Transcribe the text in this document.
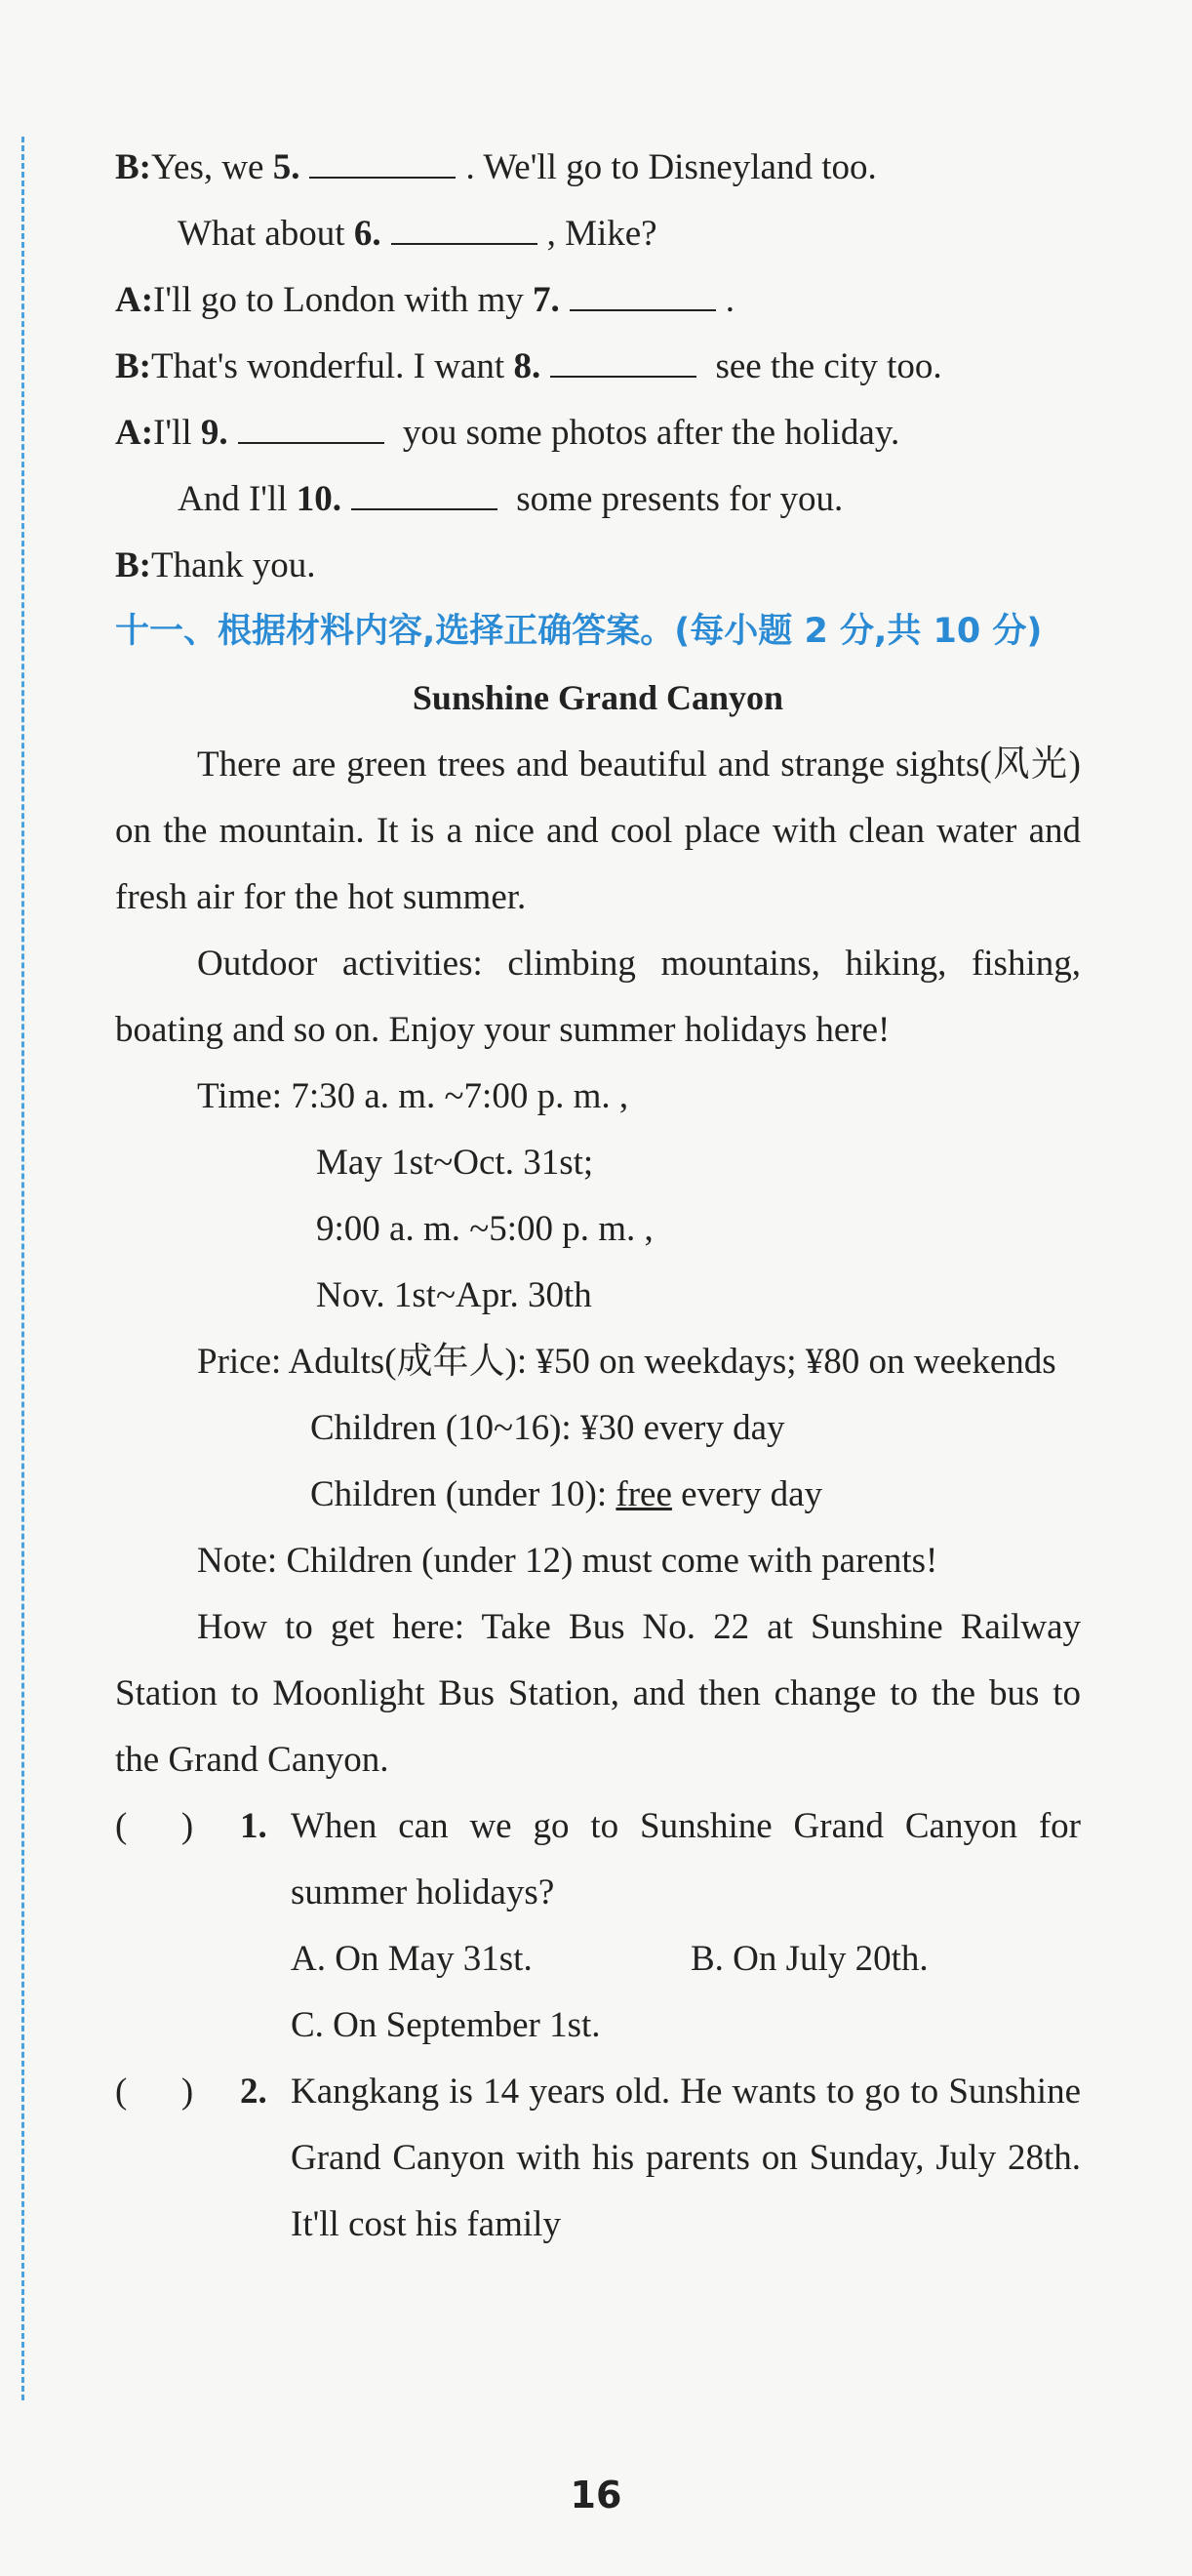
B:Yes, we 5.	. We'll go to Disneyland too.
What about 6.	, Mike?
A:I'll go to London with my 7.	.
B:That's wonderful. I want 8.	see the city too.
A:I'll 9.	you some photos after the holiday.
And I'll 10.	some presents for you.
B:Thank you.
十一、根据材料内容,选择正确答案。(每小题 2 分,共 10 分)
Sunshine Grand Canyon
There are green trees and beautiful and strange sights(风光) on the mountain. It is a nice and cool place with clean water and fresh air for the hot summer.
Outdoor activities: climbing mountains, hiking, fishing, boating and so on. Enjoy your summer holidays here!
Time: 7:30 a. m. ~7:00 p. m. ,
May 1st~Oct. 31st;
9:00 a. m. ~5:00 p. m. ,
Nov. 1st~Apr. 30th
Price: Adults(成年人): ¥50 on weekdays; ¥80 on weekends
Children (10~16): ¥30 every day
Children (under 10): free every day
Note: Children (under 12) must come with parents!
How to get here: Take Bus No. 22 at Sunshine Railway Station to Moonlight Bus Station, and then change to the bus to the Grand Canyon.
(      )	1. When can we go to Sunshine Grand Canyon for summer holidays?
A. On May 31st.	B. On July 20th.
C. On September 1st.
(      )	2. Kangkang is 14 years old. He wants to go to Sunshine Grand Canyon with his parents on Sunday, July 28th. It'll cost his family
16
